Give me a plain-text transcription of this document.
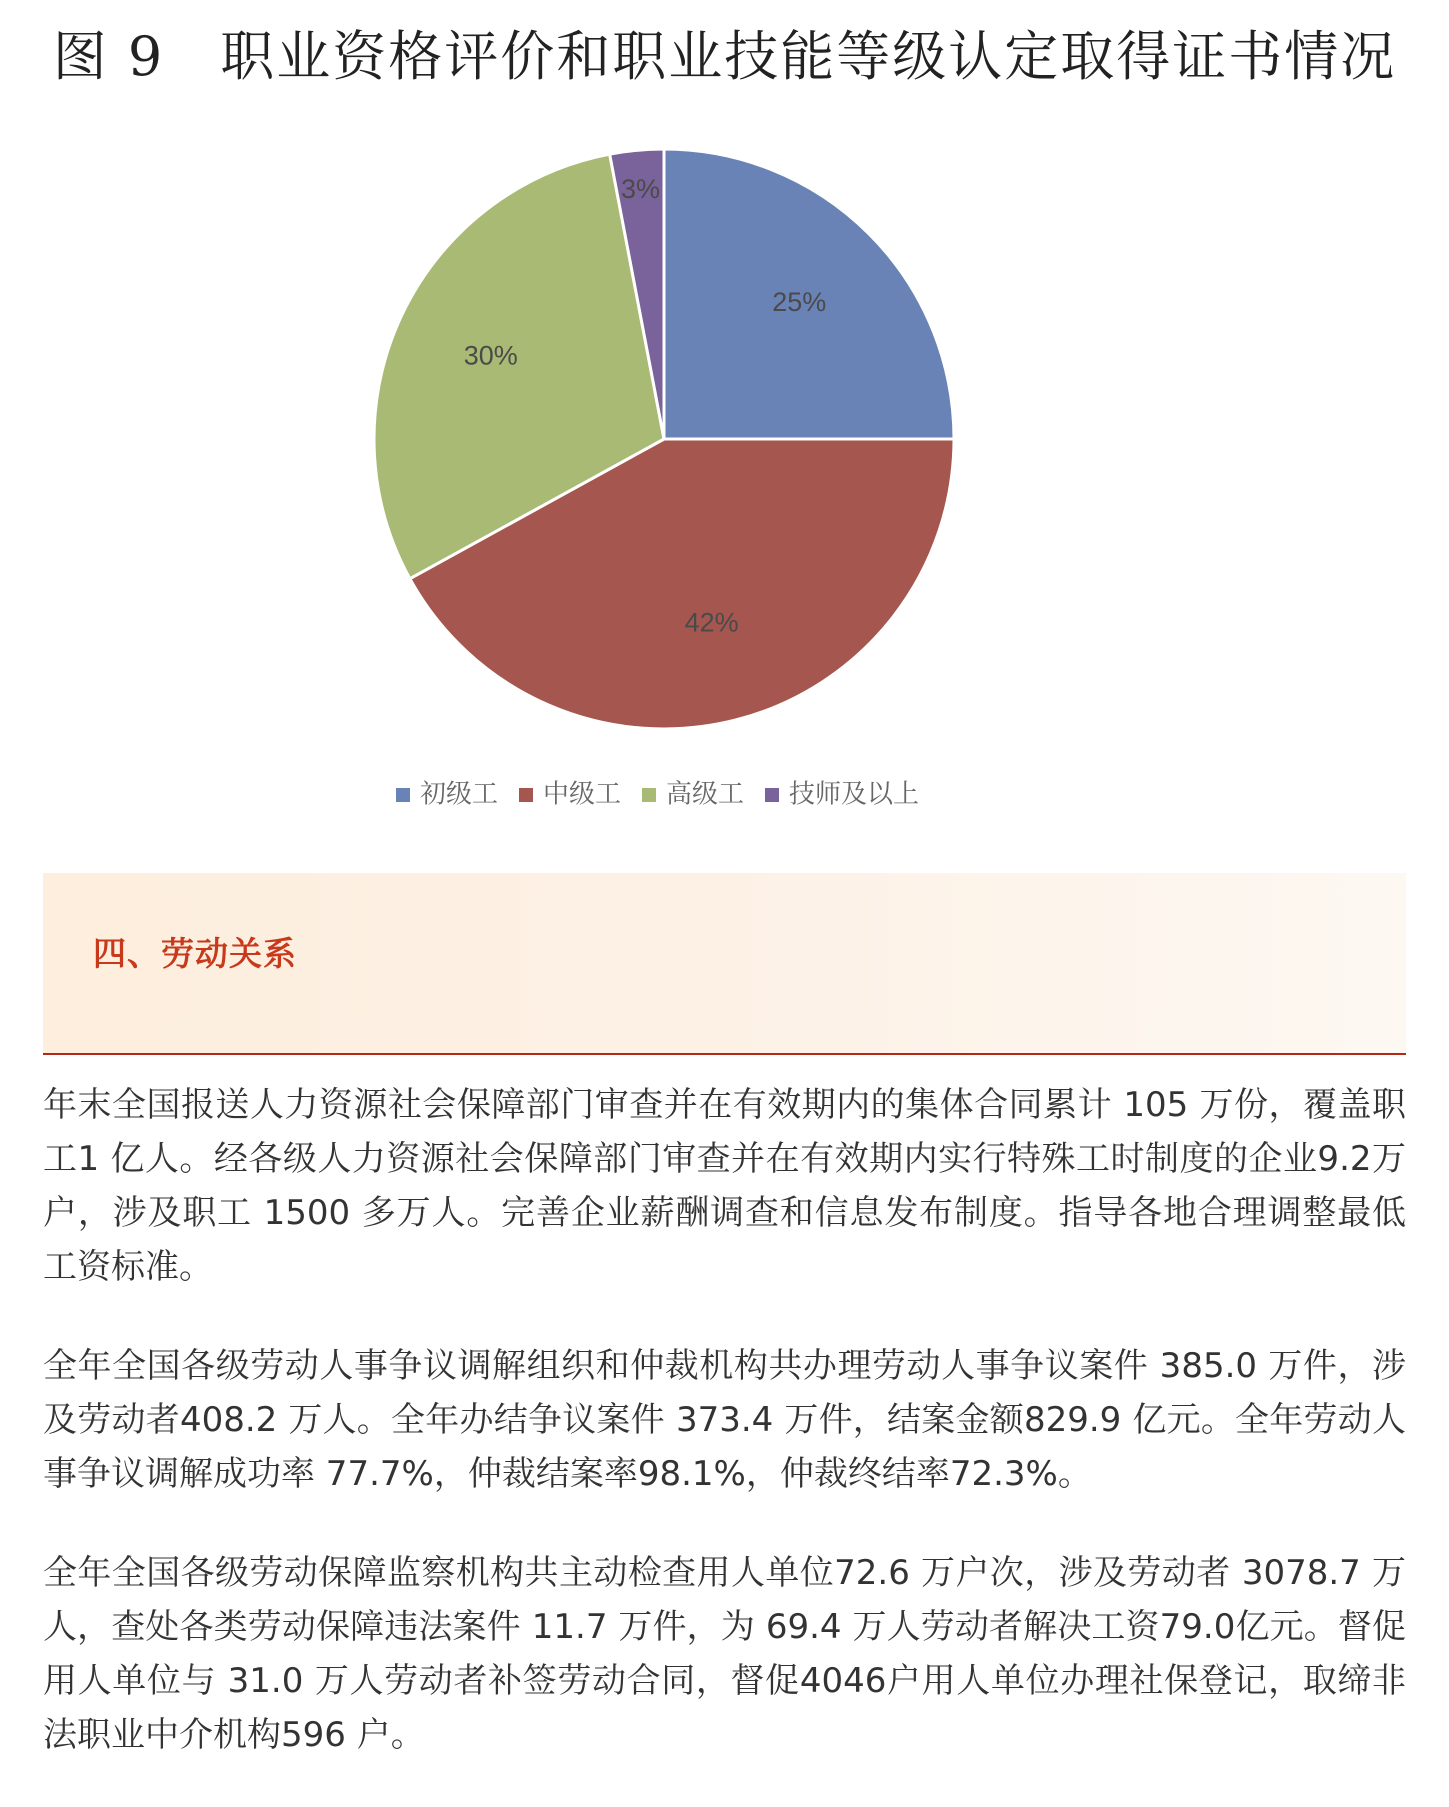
图 9　职业资格评价和职业技能等级认定取得证书情况
25%
42%
30%
3%
初级工 中级工 高级工 技师及以上
四、劳动关系

年末全国报送人力资源社会保障部门审查并在有效期内的集体合同累计 105 万份，覆盖职工1 亿人。经各级人力资源社会保障部门审查并在有效期内实行特殊工时制度的企业9.2万户，涉及职工 1500 多万人。完善企业薪酬调查和信息发布制度。指导各地合理调整最低工资标准。

全年全国各级劳动人事争议调解组织和仲裁机构共办理劳动人事争议案件 385.0 万件，涉及劳动者408.2 万人。全年办结争议案件 373.4 万件，结案金额829.9 亿元。全年劳动人事争议调解成功率 77.7%，仲裁结案率98.1%，仲裁终结率72.3%。

全年全国各级劳动保障监察机构共主动检查用人单位72.6 万户次，涉及劳动者 3078.7 万人，查处各类劳动保障违法案件 11.7 万件，为 69.4 万人劳动者解决工资79.0亿元。督促用人单位与 31.0 万人劳动者补签劳动合同，督促4046户用人单位办理社保登记，取缔非法职业中介机构596 户。
